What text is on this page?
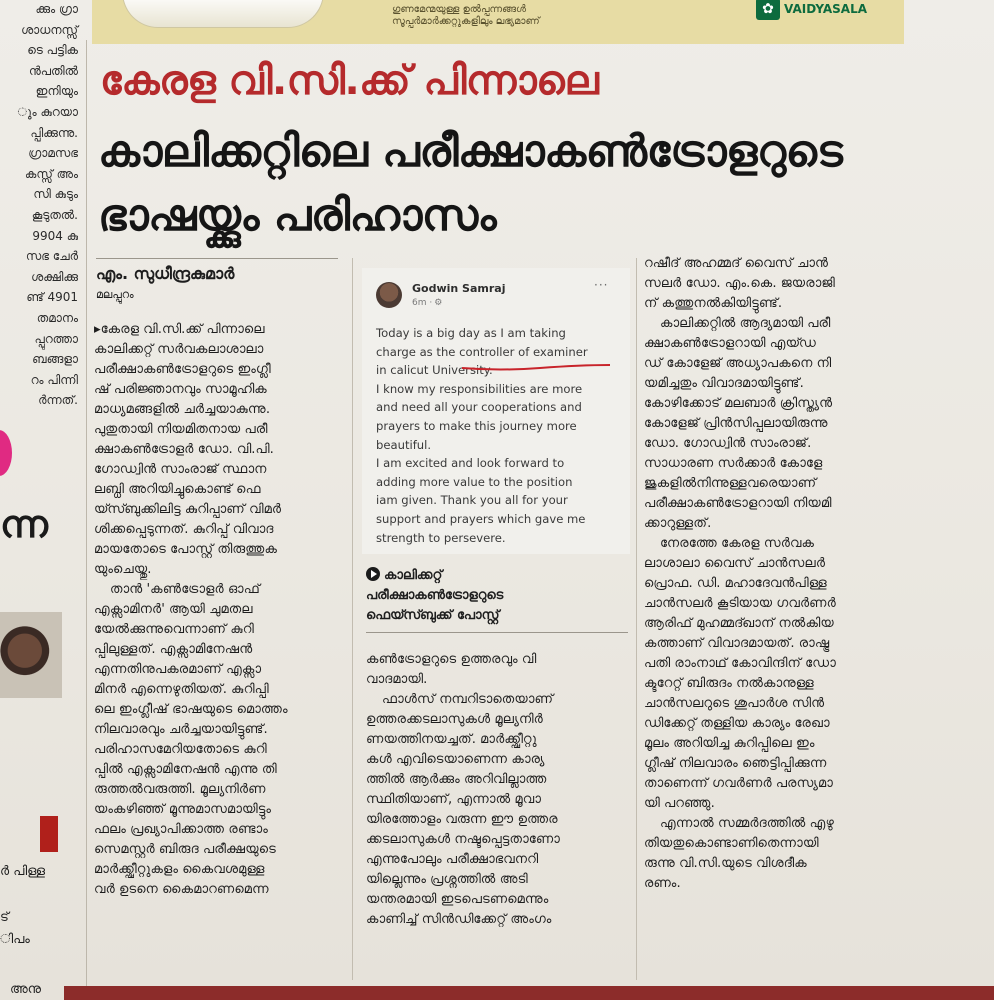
ഗുണമേന്മയുള്ള ഉൽപ്പന്നങ്ങൾ
സൂപ്പർമാർക്കറ്റുകളിലും ലഭ്യമാണ്
✿ VAIDYASALA
ക്കും ഗ്രാ
ശാധനസ്സ്
ടെ പട്ടിക
ൻപതിൽ
ഇനിയും
ും കുറയാ
പ്പിക്കുന്നു.
ഗ്രാമസഭ
കസ്സ് അം
സി കുടും
കൂടുതൽ.
9904 കു
സഭ ചേർ
ശക്ഷിക്കു
ണ്ട് 4901
തമാനം
പ്പുറത്താ
ബങ്ങളാ
റം പിന്നി
ർന്നത്.
ന്ന
ർ പിള്ള
ട്
ിപം
കേരള വി.സി.ക്ക് പിന്നാലെ
കാലിക്കറ്റിലെ പരീക്ഷാകൺട്രോളറുടെ
ഭാഷയ്ക്കും പരിഹാസം
എം. സുധീന്ദ്രകുമാർ
മലപ്പുറം

▸കേരള വി.സി.ക്ക് പിന്നാലെ

കാലിക്കറ്റ് സർവകലാശാലാ

പരീക്ഷാകൺട്രോളറുടെ ഇംഗ്ലീ

ഷ് പരിജ്ഞാനവും സാമൂഹിക

മാധ്യമങ്ങളിൽ ചർച്ചയാകുന്നു.

പുതുതായി നിയമിതനായ പരീ

ക്ഷാകൺട്രോളർ ഡോ. വി.പി.

ഗോഡ്വിൻ സാംരാജ് സ്ഥാന

ലബ്ധി അറിയിച്ചുകൊണ്ട് ഫെ

യ്സ്ബുക്കിലിട്ട കുറിപ്പാണ് വിമർ

ശിക്കപ്പെടുന്നത്. കുറിപ്പ് വിവാദ

മായതോടെ പോസ്റ്റ് തിരുത്തുക

യുംചെയ്തു.

താൻ 'കൺട്രോളർ ഓഫ്

എക്സാമിനർ' ആയി ചുമതല

യേൽക്കുന്നുവെന്നാണ് കുറി

പ്പിലുള്ളത്. എക്സാമിനേഷൻ

എന്നതിനുപകരമാണ് എക്സാ

മിനർ എന്നെഴുതിയത്. കുറിപ്പി

ലെ ഇംഗ്ലീഷ് ഭാഷയുടെ മൊത്തം

നിലവാരവും ചർച്ചയായിട്ടുണ്ട്.

പരിഹാസമേറിയതോടെ കുറി

പ്പിൽ എക്സാമിനേഷൻ എന്നു തി

രുത്തൽവരുത്തി. മൂല്യനിർണ

യംകഴിഞ്ഞ് മൂന്നുമാസമായിട്ടും

ഫലം പ്രഖ്യാപിക്കാത്ത രണ്ടാം

സെമസ്റ്റർ ബിരുദ പരീക്ഷയുടെ

മാർക്ക്ഷീറ്റുകളം കൈവശമുള്ള

വർ ഉടനെ കൈമാറണമെന്ന

Godwin Samraj
6m · ⚙
···
Today is a big day as I am taking
charge as the controller of examiner
in calicut University.
I know my responsibilities are more
and need all your cooperations and
prayers to make this journey more
beautiful.
I am excited and look forward to
adding more value to the position
iam given. Thank you all for your
support and prayers which gave me
strength to persevere.
കാലിക്കറ്റ്
പരീക്ഷാകൺട്രോളറുടെ
ഫെയ്സ്ബുക്ക് പോസ്റ്റ്

കൺട്രോളറുടെ ഉത്തരവും വി

വാദമായി.

ഫാൾസ് നമ്പറിടാതെയാണ്

ഉത്തരക്കടലാസുകൾ മൂല്യനിർ

ണയത്തിനയച്ചത്. മാർക്ക്ഷീറ്റു

കൾ എവിടെയാണെന്ന കാര്യ

ത്തിൽ ആർക്കും അറിവില്ലാത്ത

സ്ഥിതിയാണ്, എന്നാൽ മൂവാ

യിരത്തോളം വരുന്ന ഈ ഉത്തര

ക്കടലാസുകൾ നഷ്ടപ്പെട്ടതാണോ

എന്നുപോലും പരീക്ഷാഭവനറി

യില്ലെന്നും പ്രശ്നത്തിൽ അടി

യന്തരമായി ഇടപെടണമെന്നും

കാണിച്ച് സിൻഡിക്കേറ്റ് അംഗം

റഷീദ് അഹമ്മദ് വൈസ് ചാൻ

സലർ ഡോ. എം.കെ. ജയരാജി

ന് കത്തുനൽകിയിട്ടുണ്ട്.

കാലിക്കറ്റിൽ ആദ്യമായി പരീ

ക്ഷാകൺട്രോളറായി എയ്ഡ

ഡ് കോളേജ് അധ്യാപകനെ നി

യമിച്ചതും വിവാദമായിട്ടുണ്ട്.

കോഴിക്കോട് മലബാർ ക്രിസ്ത്യൻ

കോളേജ് പ്രിൻസിപ്പലായിരുന്നു

ഡോ. ഗോഡ്വിൻ സാംരാജ്.

സാധാരണ സർക്കാർ കോളേ

ജുകളിൽനിന്നുള്ളവരെയാണ്

പരീക്ഷാകൺട്രോളറായി നിയമി

ക്കാറുള്ളത്.

നേരത്തേ കേരള സർവക

ലാശാലാ വൈസ് ചാൻസലർ

പ്രൊഫ. ഡി. മഹാദേവൻപിള്ള

ചാൻസലർ കൂടിയായ ഗവർണർ

ആരിഫ് മുഹമ്മദ്ഖാന് നൽകിയ

കത്താണ് വിവാദമായത്. രാഷ്ട്ര

പതി രാംനാഥ് കോവിന്ദിന് ഡോ

ക്ടറേറ്റ് ബിരുദം നൽകാനുള്ള

ചാൻസലറുടെ ശുപാർശ സിൻ

ഡിക്കേറ്റ് തള്ളിയ കാര്യം രേഖാ

മൂലം അറിയിച്ച കുറിപ്പിലെ ഇം

ഗ്ലീഷ് നിലവാരം ഞെട്ടിപ്പിക്കുന്ന

താണെന്ന് ഗവർണർ പരസ്യമാ

യി പറഞ്ഞു.

എന്നാൽ സമ്മർദത്തിൽ എഴു

തിയതുകൊണ്ടാണിതെന്നായി

രുന്നു വി.സി.യുടെ വിശദീക

രണം.

അനു
